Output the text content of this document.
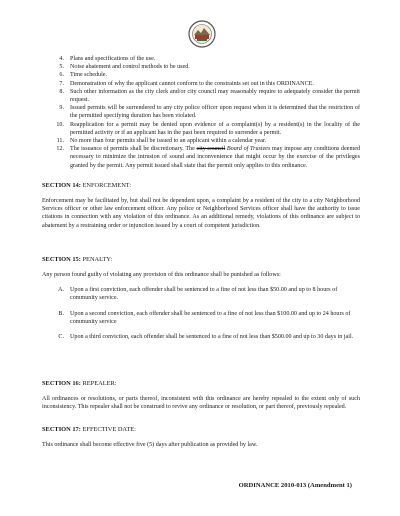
4. Plans and specifications of the use.
5. Noise abatement and control methods to be used.
6. Time schedule.
7. Demonstration of why the applicant cannot conform to the constraints set out in this ORDINANCE.
8. Such other information as the city clerk and/or city council may reasonably require to adequately consider the permit request.
9. Issued permits will be surrendered to any city police officer upon request when it is determined that the restriction of the permitted specifying duration has been violated.
10. Reapplication for a permit may be denied upon evidence of a complaint(s) by a resident(s) in the locality of the permitted activity or if an applicant has in the past been required to surrender a permit.
11. No more than four permits shall be issued to an applicant within a calendar year.
12. The issuance of permits shall be discretionary. The city council Board of Trustees may impose any conditions deemed necessary to minimize the intrusion of sound and inconvenience that might occur by the exercise of the privileges granted by the permit. Any permit issued shall state that the permit only applies to this ordinance.
SECTION 14: ENFORCEMENT:
Enforcement may be facilitated by, but shall not be dependent upon, a complaint by a resident of the city to a city Neighborhood Services officer or other law enforcement officer. Any police or Neighborhood Services officer shall have the authority to issue citations in connection with any violation of this ordinance. As an additional remedy, violations of this ordinance are subject to abatement by a restraining order or injunction issued by a court of competent jurisdiction.
SECTION 15: PENALTY:
Any person found guilty of violating any provision of this ordinance shall be punished as follows:
A. Upon a first conviction, each offender shall be sentenced to a fine of not less than $50.00 and up to 8 hours of community service.
B. Upon a second conviction, each offender shall be sentenced to a fine of not less than $100.00 and up to 24 hours of community service
C. Upon a third conviction, each offender shall be sentenced to a fine of not less than $500.00 and up to 30 days in jail.
SECTION 16: REPEALER:
All ordinances or resolutions, or parts thereof, inconsistent with this ordinance are hereby repealed to the extent only of such inconsistency. This repealer shall not be construed to revive any ordinance or resolution, or part thereof, previously repealed.
SECTION 17: EFFECTIVE DATE:
This ordinance shall become effective five (5) days after publication as provided by law.
ORDINANCE 2010-013 (Amendment 1)
